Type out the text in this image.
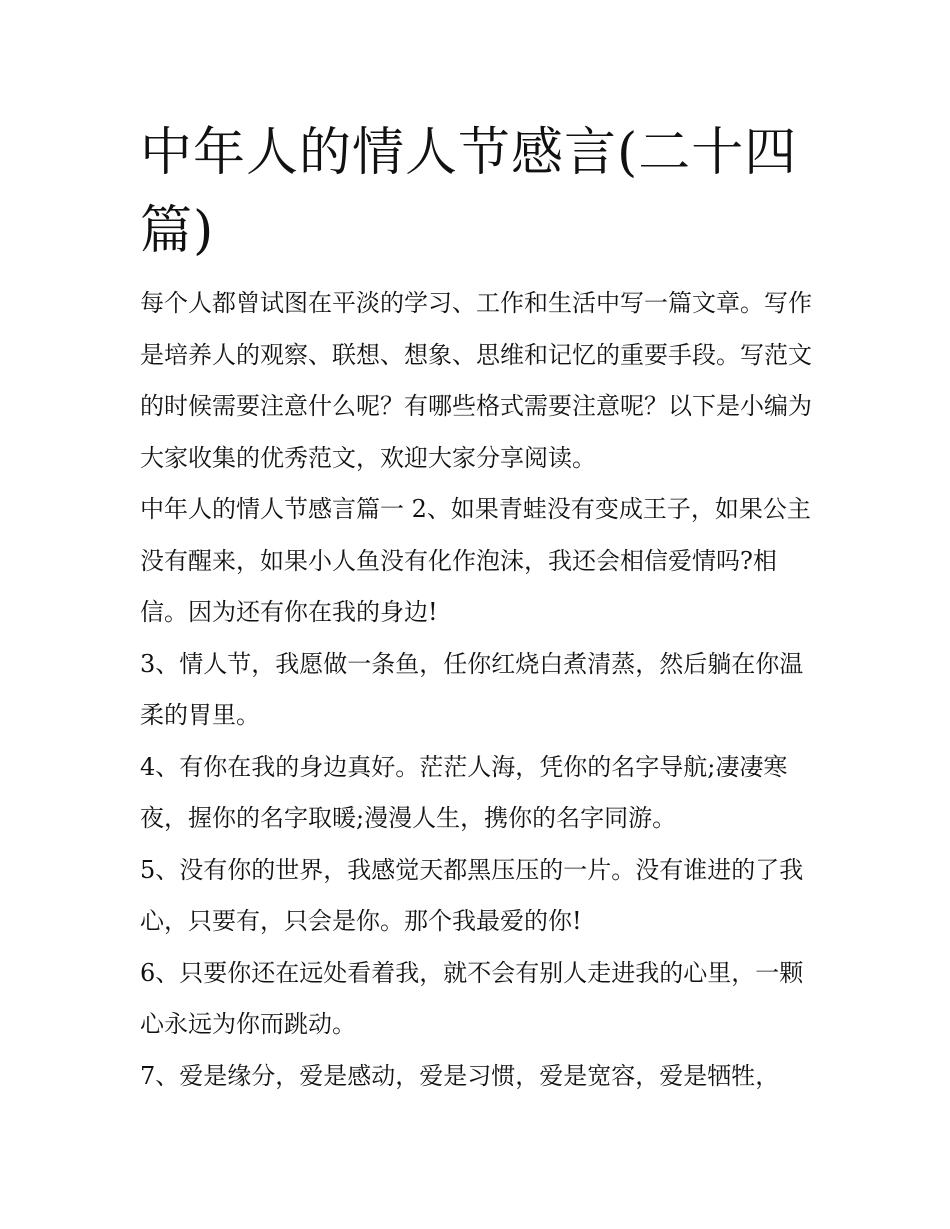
中年人的情人节感言(二十四篇)

每个人都曾试图在平淡的学习、工作和生活中写一篇文章。写作是培养人的观察、联想、想象、思维和记忆的重要手段。写范文的时候需要注意什么呢？有哪些格式需要注意呢？以下是小编为大家收集的优秀范文，欢迎大家分享阅读。

中年人的情人节感言篇一 2、如果青蛙没有变成王子，如果公主没有醒来，如果小人鱼没有化作泡沫，我还会相信爱情吗?相信。因为还有你在我的身边!

3、情人节，我愿做一条鱼，任你红烧白煮清蒸，然后躺在你温柔的胃里。

4、有你在我的身边真好。茫茫人海，凭你的名字导航;凄凄寒夜，握你的名字取暖;漫漫人生，携你的名字同游。

5、没有你的世界，我感觉天都黑压压的一片。没有谁进的了我心，只要有，只会是你。那个我最爱的你!

6、只要你还在远处看着我，就不会有别人走进我的心里，一颗心永远为你而跳动。

7、爱是缘分，爱是感动，爱是习惯，爱是宽容，爱是牺牲，
